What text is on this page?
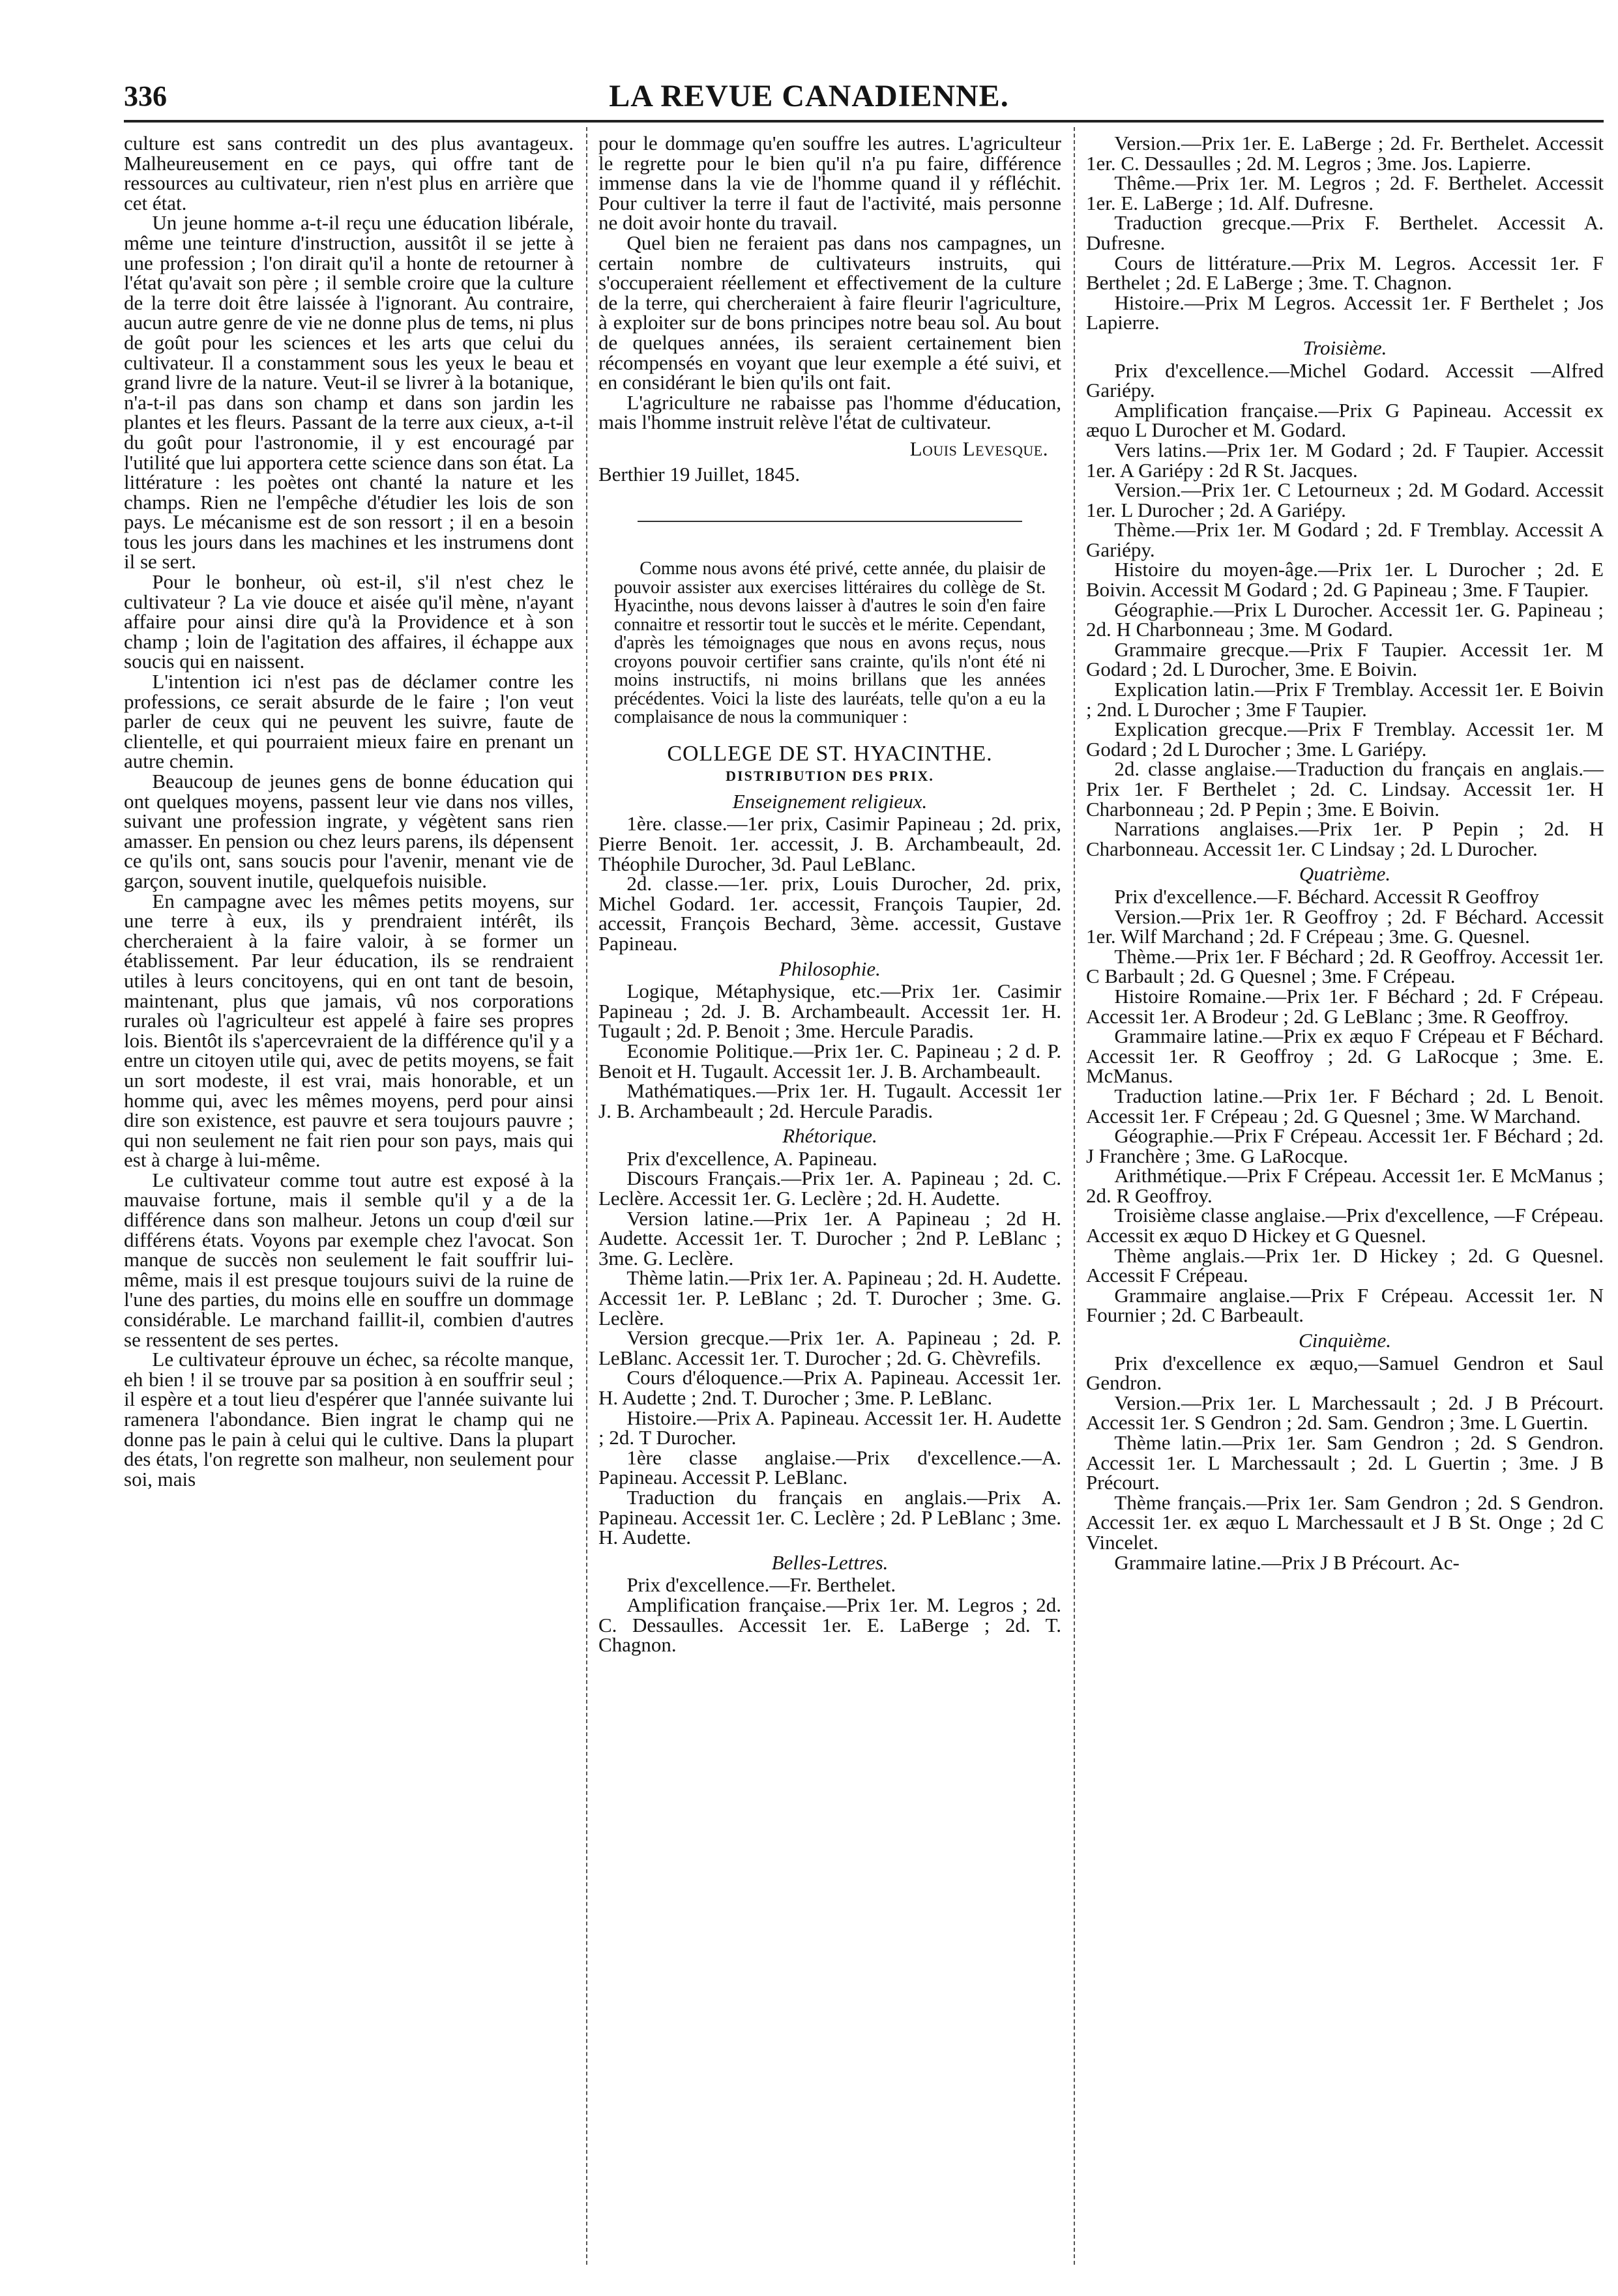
336	LA REVUE CANADIENNE.

culture est sans contredit un des plus avantageux. Malheureusement en ce pays, qui offre tant de ressources au cultivateur, rien n'est plus en arrière que cet état.

Un jeune homme a-t-il reçu une éducation libérale, même une teinture d'instruction, aussitôt il se jette à une profession ; l'on dirait qu'il a honte de retourner à l'état qu'avait son père ; il semble croire que la culture de la terre doit être laissée à l'ignorant. Au contraire, aucun autre genre de vie ne donne plus de tems, ni plus de goût pour les sciences et les arts que celui du cultivateur. Il a constamment sous les yeux le beau et grand livre de la nature. Veut-il se livrer à la botanique, n'a-t-il pas dans son champ et dans son jardin les plantes et les fleurs. Passant de la terre aux cieux, a-t-il du goût pour l'astronomie, il y est encouragé par l'utilité que lui apportera cette science dans son état. La littérature : les poètes ont chanté la nature et les champs. Rien ne l'empêche d'étudier les lois de son pays. Le mécanisme est de son ressort ; il en a besoin tous les jours dans les machines et les instrumens dont il se sert.

Pour le bonheur, où est-il, s'il n'est chez le cultivateur ? La vie douce et aisée qu'il mène, n'ayant affaire pour ainsi dire qu'à la Providence et à son champ ; loin de l'agitation des affaires, il échappe aux soucis qui en naissent.

L'intention ici n'est pas de déclamer contre les professions, ce serait absurde de le faire ; l'on veut parler de ceux qui ne peuvent les suivre, faute de clientelle, et qui pourraient mieux faire en prenant un autre chemin.

Beaucoup de jeunes gens de bonne éducation qui ont quelques moyens, passent leur vie dans nos villes, suivant une profession ingrate, y végètent sans rien amasser. En pension ou chez leurs parens, ils dépensent ce qu'ils ont, sans soucis pour l'avenir, menant vie de garçon, souvent inutile, quelquefois nuisible.

En campagne avec les mêmes petits moyens, sur une terre à eux, ils y prendraient intérêt, ils chercheraient à la faire valoir, à se former un établissement. Par leur éducation, ils se rendraient utiles à leurs concitoyens, qui en ont tant de besoin, maintenant, plus que jamais, vû nos corporations rurales où l'agriculteur est appelé à faire ses propres lois. Bientôt ils s'apercevraient de la différence qu'il y a entre un citoyen utile qui, avec de petits moyens, se fait un sort modeste, il est vrai, mais honorable, et un homme qui, avec les mêmes moyens, perd pour ainsi dire son existence, est pauvre et sera toujours pauvre ; qui non seulement ne fait rien pour son pays, mais qui est à charge à lui-même.

Le cultivateur comme tout autre est exposé à la mauvaise fortune, mais il semble qu'il y a de la différence dans son malheur. Jetons un coup d'œil sur différens états. Voyons par exemple chez l'avocat. Son manque de succès non seulement le fait souffrir lui-même, mais il est presque toujours suivi de la ruine de l'une des parties, du moins elle en souffre un dommage considérable. Le marchand faillit-il, combien d'autres se ressentent de ses pertes.

Le cultivateur éprouve un échec, sa récolte manque, eh bien ! il se trouve par sa position à en souffrir seul ; il espère et a tout lieu d'espérer que l'année suivante lui ramenera l'abondance. Bien ingrat le champ qui ne donne pas le pain à celui qui le cultive. Dans la plupart des états, l'on regrette son malheur, non seulement pour soi, mais

pour le dommage qu'en souffre les autres. L'agriculteur le regrette pour le bien qu'il n'a pu faire, différence immense dans la vie de l'homme quand il y réfléchit. Pour cultiver la terre il faut de l'activité, mais personne ne doit avoir honte du travail.

Quel bien ne feraient pas dans nos campagnes, un certain nombre de cultivateurs instruits, qui s'occuperaient réellement et effectivement de la culture de la terre, qui chercheraient à faire fleurir l'agriculture, à exploiter sur de bons principes notre beau sol. Au bout de quelques années, ils seraient certainement bien récompensés en voyant que leur exemple a été suivi, et en considérant le bien qu'ils ont fait.

L'agriculture ne rabaisse pas l'homme d'éducation, mais l'homme instruit relève l'état de cultivateur.

Louis Levesque.

Berthier 19 Juillet, 1845.

Comme nous avons été privé, cette année, du plaisir de pouvoir assister aux exercises littéraires du collège de St. Hyacinthe, nous devons laisser à d'autres le soin d'en faire connaitre et ressortir tout le succès et le mérite. Cependant, d'après les témoignages que nous en avons reçus, nous croyons pouvoir certifier sans crainte, qu'ils n'ont été ni moins instructifs, ni moins brillans que les années précédentes. Voici la liste des lauréats, telle qu'on a eu la complaisance de nous la communiquer :

COLLEGE DE ST. HYACINTHE.
DISTRIBUTION DES PRIX.
Enseignement religieux.

1ère. classe.—1er prix, Casimir Papineau ; 2d. prix, Pierre Benoit. 1er. accessit, J. B. Archambeault, 2d. Théophile Durocher, 3d. Paul LeBlanc.

2d. classe.—1er. prix, Louis Durocher, 2d. prix, Michel Godard. 1er. accessit, François Taupier, 2d. accessit, François Bechard, 3ème. accessit, Gustave Papineau.

Philosophie.

Logique, Métaphysique, etc.—Prix 1er. Casimir Papineau ; 2d. J. B. Archambeault. Accessit 1er. H. Tugault ; 2d. P. Benoit ; 3me. Hercule Paradis.

Economie Politique.—Prix 1er. C. Papineau ; 2 d. P. Benoit et H. Tugault. Accessit 1er. J. B. Archambeault.

Mathématiques.—Prix 1er. H. Tugault. Accessit 1er J. B. Archambeault ; 2d. Hercule Paradis.

Rhétorique.

Prix d'excellence, A. Papineau.

Discours Français.—Prix 1er. A. Papineau ; 2d. C. Leclère. Accessit 1er. G. Leclère ; 2d. H. Audette.

Version latine.—Prix 1er. A Papineau ; 2d H. Audette. Accessit 1er. T. Durocher ; 2nd P. LeBlanc ; 3me. G. Leclère.

Thème latin.—Prix 1er. A. Papineau ; 2d. H. Audette. Accessit 1er. P. LeBlanc ; 2d. T. Durocher ; 3me. G. Leclère.

Version grecque.—Prix 1er. A. Papineau ; 2d. P. LeBlanc. Accessit 1er. T. Durocher ; 2d. G. Chèvrefils.

Cours d'éloquence.—Prix A. Papineau. Accessit 1er. H. Audette ; 2nd. T. Durocher ; 3me. P. LeBlanc.

Histoire.—Prix A. Papineau. Accessit 1er. H. Audette ; 2d. T Durocher.

1ère classe anglaise.—Prix d'excellence.—A. Papineau. Accessit P. LeBlanc.

Traduction du français en anglais.—Prix A. Papineau. Accessit 1er. C. Leclère ; 2d. P LeBlanc ; 3me. H. Audette.

Belles-Lettres.

Prix d'excellence.—Fr. Berthelet.

Amplification française.—Prix 1er. M. Legros ; 2d. C. Dessaulles. Accessit 1er. E. LaBerge ; 2d. T. Chagnon.

Version.—Prix 1er. E. LaBerge ; 2d. Fr. Berthelet. Accessit 1er. C. Dessaulles ; 2d. M. Legros ; 3me. Jos. Lapierre.

Thême.—Prix 1er. M. Legros ; 2d. F. Berthelet. Accessit 1er. E. LaBerge ; 1d. Alf. Dufresne.

Traduction grecque.—Prix F. Berthelet. Accessit A. Dufresne.

Cours de littérature.—Prix M. Legros. Accessit 1er. F Berthelet ; 2d. E LaBerge ; 3me. T. Chagnon.

Histoire.—Prix M Legros. Accessit 1er. F Berthelet ; Jos Lapierre.

Troisième.

Prix d'excellence.—Michel Godard. Accessit —Alfred Gariépy.

Amplification française.—Prix G Papineau. Accessit ex æquo L Durocher et M. Godard.

Vers latins.—Prix 1er. M Godard ; 2d. F Taupier. Accessit 1er. A Gariépy : 2d R St. Jacques.

Version.—Prix 1er. C Letourneux ; 2d. M Godard. Accessit 1er. L Durocher ; 2d. A Gariépy.

Thème.—Prix 1er. M Godard ; 2d. F Tremblay. Accessit A Gariépy.

Histoire du moyen-âge.—Prix 1er. L Durocher ; 2d. E Boivin. Accessit M Godard ; 2d. G Papineau ; 3me. F Taupier.

Géographie.—Prix L Durocher. Accessit 1er. G. Papineau ; 2d. H Charbonneau ; 3me. M Godard.

Grammaire grecque.—Prix F Taupier. Accessit 1er. M Godard ; 2d. L Durocher, 3me. E Boivin.

Explication latin.—Prix F Tremblay. Accessit 1er. E Boivin ; 2nd. L Durocher ; 3me F Taupier.

Explication grecque.—Prix F Tremblay. Accessit 1er. M Godard ; 2d L Durocher ; 3me. L Gariépy.

2d. classe anglaise.—Traduction du français en anglais.—Prix 1er. F Berthelet ; 2d. C. Lindsay. Accessit 1er. H Charbonneau ; 2d. P Pepin ; 3me. E Boivin.

Narrations anglaises.—Prix 1er. P Pepin ; 2d. H Charbonneau. Accessit 1er. C Lindsay ; 2d. L Durocher.

Quatrième.

Prix d'excellence.—F. Béchard. Accessit R Geoffroy

Version.—Prix 1er. R Geoffroy ; 2d. F Béchard. Accessit 1er. Wilf Marchand ; 2d. F Crépeau ; 3me. G. Quesnel.

Thème.—Prix 1er. F Béchard ; 2d. R Geoffroy. Accessit 1er. C Barbault ; 2d. G Quesnel ; 3me. F Crépeau.

Histoire Romaine.—Prix 1er. F Béchard ; 2d. F Crépeau. Accessit 1er. A Brodeur ; 2d. G LeBlanc ; 3me. R Geoffroy.

Grammaire latine.—Prix ex æquo F Crépeau et F Béchard. Accessit 1er. R Geoffroy ; 2d. G LaRocque ; 3me. E. McManus.

Traduction latine.—Prix 1er. F Béchard ; 2d. L Benoit. Accessit 1er. F Crépeau ; 2d. G Quesnel ; 3me. W Marchand.

Géographie.—Prix F Crépeau. Accessit 1er. F Béchard ; 2d. J Franchère ; 3me. G LaRocque.

Arithmétique.—Prix F Crépeau. Accessit 1er. E McManus ; 2d. R Geoffroy.

Troisième classe anglaise.—Prix d'excellence, —F Crépeau. Accessit ex æquo D Hickey et G Quesnel.

Thème anglais.—Prix 1er. D Hickey ; 2d. G Quesnel. Accessit F Crépeau.

Grammaire anglaise.—Prix F Crépeau. Accessit 1er. N Fournier ; 2d. C Barbeault.

Cinquième.

Prix d'excellence ex æquo,—Samuel Gendron et Saul Gendron.

Version.—Prix 1er. L Marchessault ; 2d. J B Précourt. Accessit 1er. S Gendron ; 2d. Sam. Gendron ; 3me. L Guertin.

Thème latin.—Prix 1er. Sam Gendron ; 2d. S Gendron. Accessit 1er. L Marchessault ; 2d. L Guertin ; 3me. J B Précourt.

Thème français.—Prix 1er. Sam Gendron ; 2d. S Gendron. Accessit 1er. ex æquo L Marchessault et J B St. Onge ; 2d C Vincelet.

Grammaire latine.—Prix J B Précourt. Ac-
